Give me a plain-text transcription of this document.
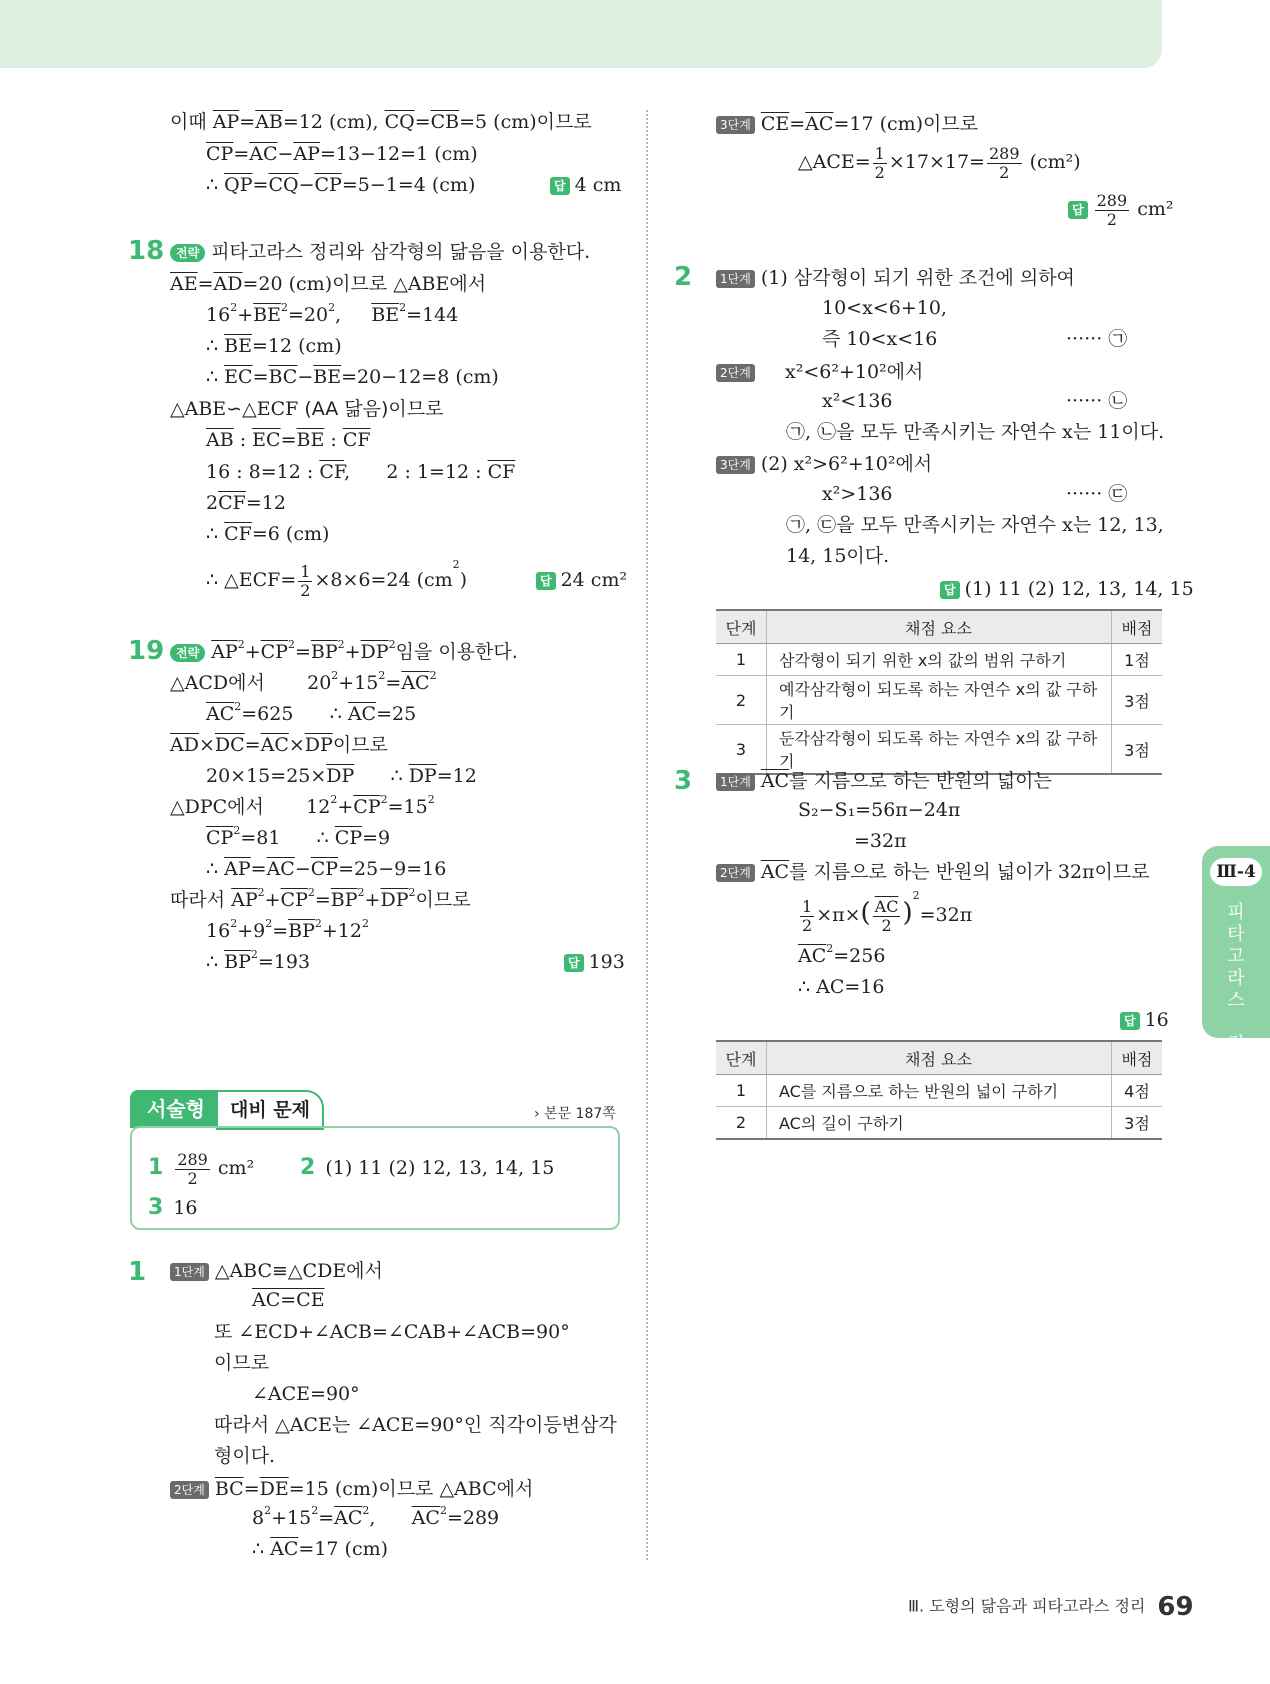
이때 $\overline{AP}=\overline{AB}=12$ (cm), $\overline{CQ}=\overline{CB}=5$ (cm)이므로
$\overline{CP}=\overline{AC}-\overline{AP}=13-12=1$ (cm)
∴ $\overline{QP}=\overline{CQ}-\overline{CP}=5-1=4$ (cm)	답 4 cm
18 전략 피타고라스 정리와 삼각형의 닮음을 이용한다.
$\overline{AE}=\overline{AD}=20$ (cm)이므로 △ABE에서
$16^2+\overline{BE}^2=20^2$,     $\overline{BE}^2=144$
∴ $\overline{BE}=12$ (cm)
∴ $\overline{EC}=\overline{BC}-\overline{BE}=20-12=8$ (cm)
△ABE∽△ECF (AA 닮음)이므로
$\overline{AB}$ : $\overline{EC}=\overline{BE}$ : $\overline{CF}$
16 : 8=12 : $\overline{CF}$,      2 : 1=12 : $\overline{CF}$
$2\overline{CF}=12$
∴ $\overline{CF}=6$ (cm)
∴ △ECF= $\frac{1}{2} \times 8\times 6=24$ $(cm^2)$	답 24 cm²
19 전략 $\overline{AP}^2+\overline{CP}^2=\overline{BP}^2+\overline{DP}^2$임을 이용한다.
△ACD에서       $20^2+15^2=\overline{AC}^2$
$\overline{AC}^2=625$      ∴ $\overline{AC}=25$
$\overline{AD}\times\overline{DC}=\overline{AC}\times\overline{DP}$이므로
$20\times 15=25\times\overline{DP}$      ∴ $\overline{DP}=12$
△DPC에서       $12^2+\overline{CP}^2=15^2$
$\overline{CP}^2=81$      ∴ $\overline{CP}=9$
∴ $\overline{AP}=\overline{AC}-\overline{CP}=25-9=16$
따라서 $\overline{AP}^2+\overline{CP}^2=\overline{BP}^2+\overline{DP}^2$이므로
$16^2+9^2=\overline{BP}^2+12^2$
∴ $\overline{BP}^2=193$	답 193
서술형	대비 문제	› 본문 187쪽
$1 \frac{289}{2} cm^2$ 2 (1) 11 (2) 12, 13, 14, 15
3 16
1	1단계 △ABC≡△CDE에서
AC=CE
또 ∠ECD+∠ACB=∠CAB+∠ACB=90°
이므로
∠ACE=90°
따라서 △ACE는 ∠ACE=90°인 직각이등변삼각
형이다.
2단계 $\overline{BC}=\overline{DE}=15$ (cm)이므로 △ABC에서
$8^2+15^2=\overline{AC}^2$,      $\overline{AC}^2=289$
∴ $\overline{AC}=17$ (cm)
3단계 $\overline{CE}=\overline{AC}=17$ (cm)이므로
△ACE= $\frac{1}{2} \times 17\times 17= \frac{289}{2} (cm^2)$
답 $\frac{289}{2} cm^2$
2	1단계 (1) 삼각형이 되기 위한 조건에 의하여
10<x<6+10,
즉 10<x<16	······ ㉠
2단계 x²<6²+10²에서
x²<136	······ ㉡
㉠, ㉡을 모두 만족시키는 자연수 x는 11이다.
3단계 (2) x²>6²+10²에서
x²>136	······ ㉢
㉠, ㉢을 모두 만족시키는 자연수 x는 12, 13,
14, 15이다.
답 (1) 11 (2) 12, 13, 14, 15
단계	채점 요소	배점
1	삼각형이 되기 위한 x의 값의 범위 구하기	1점
2	예각삼각형이 되도록 하는 자연수 x의 값 구하기	3점
3	둔각삼각형이 되도록 하는 자연수 x의 값 구하기	3점
3	1단계 $\overline{AC}$를 지름으로 하는 반원의 넓이는
S₂−S₁=56π−24π
=32π
2단계 $\overline{AC}$를 지름으로 하는 반원의 넓이가 32π이므로
$\frac{1}{2} \times\pi\times( \frac{\overline{AC}}{2} )^2=32\pi$
$\overline{AC}^2=256$
∴ AC=16
답 16
단계	채점 요소	배점
1	AC를 지름으로 하는 반원의 넓이 구하기	4점
2	AC의 길이 구하기	3점
Ⅲ-4
피
타
고
라
스

정
리

Ⅲ. 도형의 닮음과 피타고라스 정리 69
